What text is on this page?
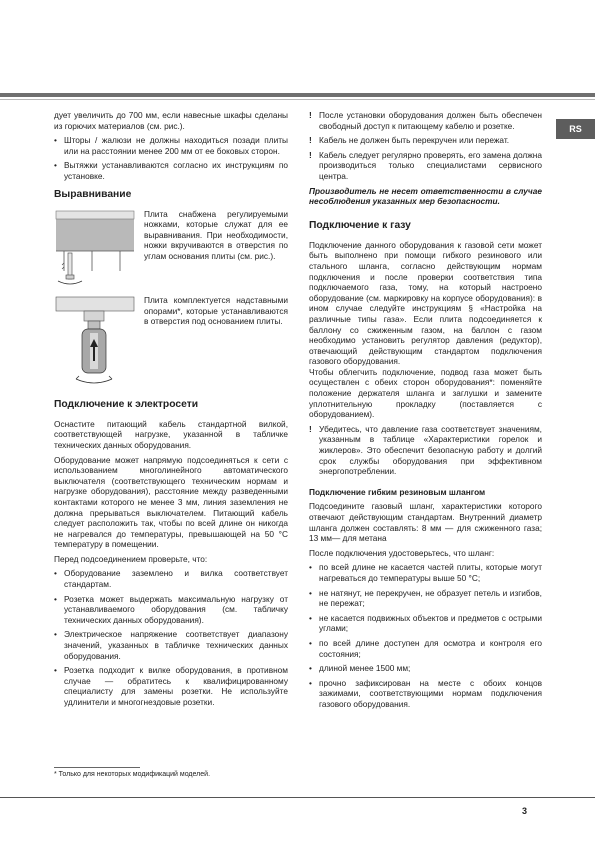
RS

дует увеличить до 700 мм, если навесные шкафы сделаны из горючих материалов (см. рис.).

• Шторы / жалюзи не должны находиться позади плиты или на расстоянии менее 200 мм от ее боковых сторон.
• Вытяжки устанавливаются согласно их инструкциям по установке.
Выравнивание
Плита снабжена регулируемыми ножками, которые служат для ее выравнивания. При необходимости, ножки вкручиваются в отверстия по углам основания плиты (см. рис.).
Плита комплектуется надставными опорами*, которые устанавливаются в отверстия под основанием плиты.
Подключение к электросети

Оснастите питающий кабель стандартной вилкой, соответствующей нагрузке, указанной в табличке технических данных оборудования.

Оборудование может напрямую подсоединяться к сети с использованием многолинейного автоматического выключателя (соответствующего техническим нормам и нагрузке оборудования), расстояние между разведенными контактами которого не менее 3 мм, линия заземления не должна прерываться выключателем. Питающий кабель следует расположить так, чтобы по всей длине он никогда не нагревался до температуры, превышающей на 50 °C температуру в помещении.

Перед подсоединением проверьте, что:

• Оборудование заземлено и вилка соответствует стандартам.
• Розетка может выдержать максимальную нагрузку от устанавливаемого оборудования (см. табличку технических данных оборудования).
• Электрическое напряжение соответствует диапазону значений, указанных в табличке технических данных оборудования.
• Розетка подходит к вилке оборудования, в противном случае — обратитесь к квалифицированному специалисту для замены розетки. Не используйте удлинители и многогнездовые розетки.
! После установки оборудования должен быть обеспечен свободный доступ к питающему кабелю и розетке.
! Кабель не должен быть перекручен или пережат.
! Кабель следует регулярно проверять, его замена должна производиться только специалистами сервисного центра.

Производитель не несет ответственности в случае несоблюдения указанных мер безопасности.

Подключение к газу

Подключение данного оборудования к газовой сети может быть выполнено при помощи гибкого резинового или стального шланга, согласно действующим нормам подключения и после проверки соответствия типа подключаемого газа, тому, на который настроено оборудование (см. маркировку на корпусе оборудования): в ином случае следуйте инструкциям § «Настройка на различные типы газа». Если плита подсоединяется к баллону со сжиженным газом, на баллон с газом необходимо установить регулятор давления (редуктор), отвечающий действующим стандартом подключения газового оборудования.

Чтобы облегчить подключение, подвод газа может быть осуществлен с обеих сторон оборудования*: поменяйте положение держателя шланга и заглушки и замените уплотнительную прокладку (поставляется с оборудованием).

! Убедитесь, что давление газа соответствует значениям, указанным в таблице «Характеристики горелок и жиклеров». Это обеспечит безопасную работу и долгий срок службы оборудования при эффективном энергопотреблении.
Подключение гибким резиновым шлангом

Подсоедините газовый шланг, характеристики которого отвечают действующим стандартам. Внутренний диаметр шланга должен составлять: 8 мм — для сжиженного газа; 13 мм— для метана

После подключения удостоверьтесь, что шланг:

• по всей длине не касается частей плиты, которые могут нагреваться до температуры выше 50 °C;
• не натянут, не перекручен, не образует петель и изгибов, не пережат;
• не касается подвижных объектов и предметов с острыми углами;
• по всей длине доступен для осмотра и контроля его состояния;
• длиной менее 1500 мм;
• прочно зафиксирован на месте с обоих концов зажимами, соответствующими нормам подключения газового оборудования.
* Только для некоторых модификаций моделей.
3
